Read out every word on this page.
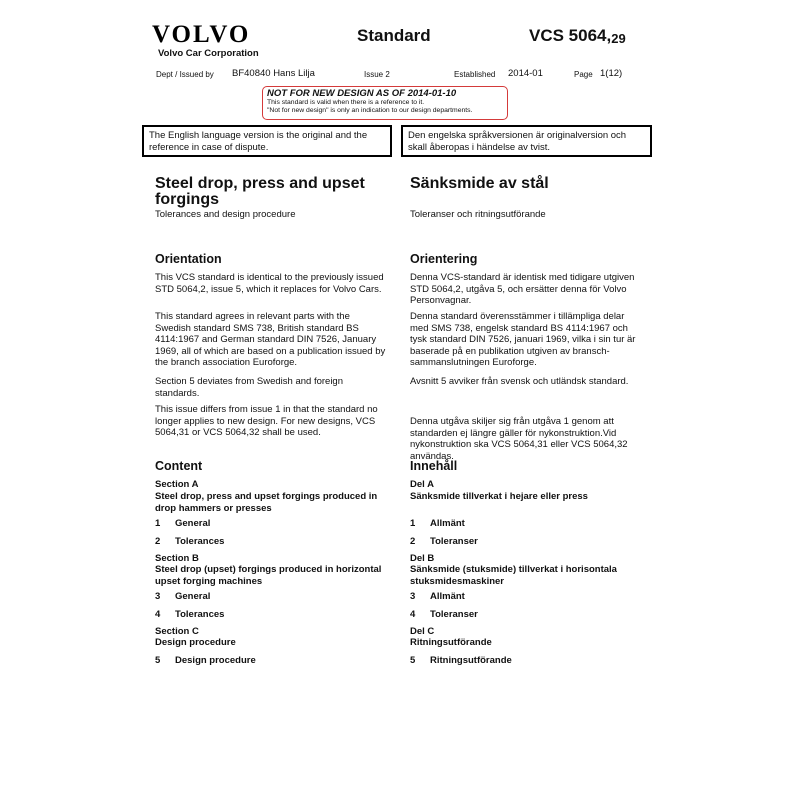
VOLVO
Volvo Car Corporation
Standard	VCS $5064,_{29}$
Dept / Issued by BF40840 Hans Lilja	Issue 2	Established 2014-01	Page 1(12)
NOT FOR NEW DESIGN AS OF 2014-01-10
This standard is valid when there is a reference to it.
"Not for new design" is only an indication to our design departments.
The English language version is the original and the reference in case of dispute.
Den engelska språkversionen är originalversion och skall åberopas i händelse av tvist.
Steel drop, press and upset forgings
Tolerances and design procedure
Orientation
This VCS standard is identical to the previously issued STD 5064,2, issue 5, which it replaces for Volvo Cars.
This standard agrees in relevant parts with the Swedish standard SMS 738, British standard BS 4114:1967 and German standard DIN 7526, January 1969, all of which are based on a publication issued by the branch association Euroforge.
Section 5 deviates from Swedish and foreign standards.
This issue differs from issue 1 in that the standard no longer applies to new design. For new designs, VCS 5064,31 or VCS 5064,32 shall be used.
Content
Section A
Steel drop, press and upset forgings produced in drop hammers or presses
1 General
2 Tolerances
Section B
Steel drop (upset) forgings produced in horizontal upset forging machines
3 General
4 Tolerances
Section C
Design procedure
5 Design procedure
Sänksmide av stål
Toleranser och ritningsutförande
Orientering
Denna VCS-standard är identisk med tidigare utgiven STD 5064,2, utgåva 5, och ersätter denna för Volvo Personvagnar.
Denna standard överensstämmer i tillämpliga delar med SMS 738, engelsk standard BS 4114:1967 och tysk standard DIN 7526, januari 1969, vilka i sin tur är baserade på en publikation utgiven av bransch-sammanslutningen Euroforge.
Avsnitt 5 avviker från svensk och utländsk standard.
Denna utgåva skiljer sig från utgåva 1 genom att standarden ej längre gäller för nykonstruktion.Vid nykonstruktion ska VCS 5064,31 eller VCS 5064,32 användas.
Innehåll
Del A
Sänksmide tillverkat i hejare eller press
1 Allmänt
2 Toleranser
Del B
Sänksmide (stuksmide) tillverkat i horisontala stuksmidesmaskiner
3 Allmänt
4 Toleranser
Del C
Ritningsutförande
5 Ritningsutförande
